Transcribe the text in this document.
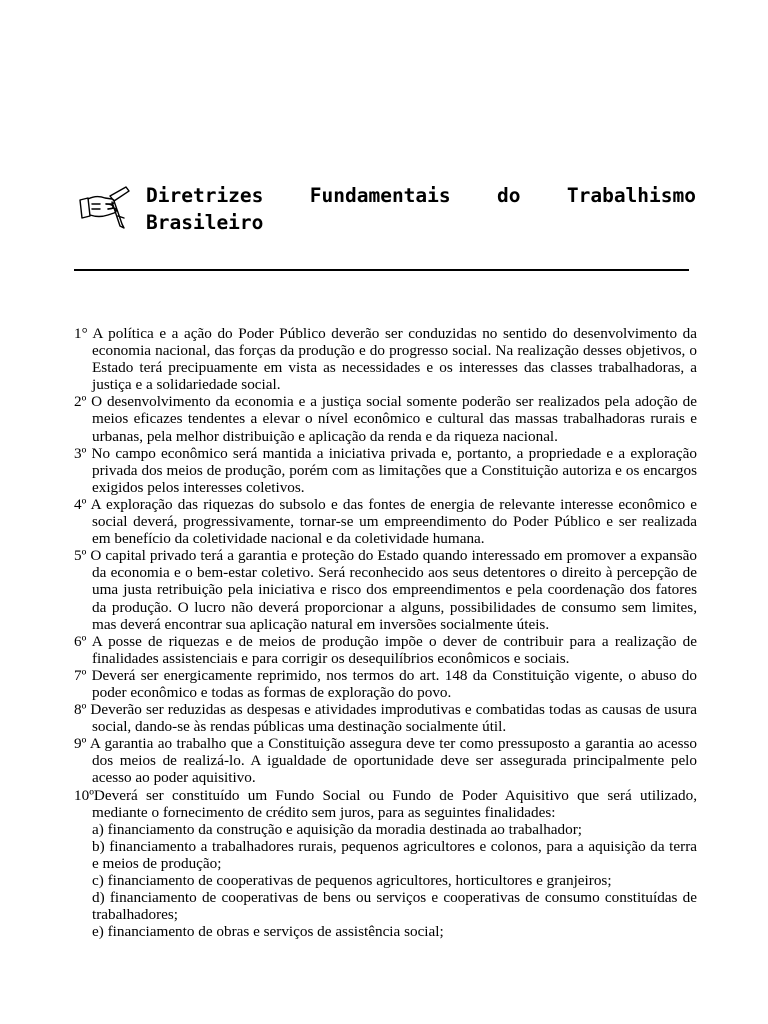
Diretrizes Fundamentais do Trabalhismo Brasileiro

1° A política e a ação do Poder Público deverão ser conduzidas no sentido do desenvolvimento da economia nacional, das forças da produção e do progresso social. Na realização desses objetivos, o Estado terá precipuamente em vista as necessidades e os interesses das classes trabalhadoras, a justiça e a solidariedade social.

2º O desenvolvimento da economia e a justiça social somente poderão ser realizados pela adoção de meios eficazes tendentes a elevar o nível econômico e cultural das massas trabalhadoras rurais e urbanas, pela melhor distribuição e aplicação da renda e da riqueza nacional.

3º No campo econômico será mantida a iniciativa privada e, portanto, a propriedade e a exploração privada dos meios de produção, porém com as limitações que a Constituição autoriza e os encargos exigidos pelos interesses coletivos.

4º A exploração das riquezas do subsolo e das fontes de energia de relevante interesse econômico e social deverá, progressivamente, tornar-se um empreendimento do Poder Público e ser realizada em benefício da coletividade nacional e da coletividade humana.

5º O capital privado terá a garantia e proteção do Estado quando interessado em promover a expansão da economia e o bem-estar coletivo. Será reconhecido aos seus detentores o direito à percepção de uma justa retribuição pela iniciativa e risco dos empreendimentos e pela coordenação dos fatores da produção. O lucro não deverá proporcionar a alguns, possibilidades de consumo sem limites, mas deverá encontrar sua aplicação natural em inversões socialmente úteis.

6º A posse de riquezas e de meios de produção impõe o dever de contribuir para a realização de finalidades assistenciais e para corrigir os desequilíbrios econômicos e sociais.

7º Deverá ser energicamente reprimido, nos termos do art. 148 da Constituição vigente, o abuso do poder econômico e todas as formas de exploração do povo.

8º Deverão ser reduzidas as despesas e atividades improdutivas e combatidas todas as causas de usura social, dando-se às rendas públicas uma destinação socialmente útil.

9º A garantia ao trabalho que a Constituição assegura deve ter como pressuposto a garantia ao acesso dos meios de realizá-lo. A igualdade de oportunidade deve ser assegurada principalmente pelo acesso ao poder aquisitivo.

10ºDeverá ser constituído um Fundo Social ou Fundo de Poder Aquisitivo que será utilizado, mediante o fornecimento de crédito sem juros, para as seguintes finalidades:

a) financiamento da construção e aquisição da moradia destinada ao trabalhador;

b) financiamento a trabalhadores rurais, pequenos agricultores e colonos, para a aquisição da terra e meios de produção;

c) financiamento de cooperativas de pequenos agricultores, horticultores e granjeiros;

d) financiamento de cooperativas de bens ou serviços e cooperativas de consumo constituídas de trabalhadores;

e) financiamento de obras e serviços de assistência social;
